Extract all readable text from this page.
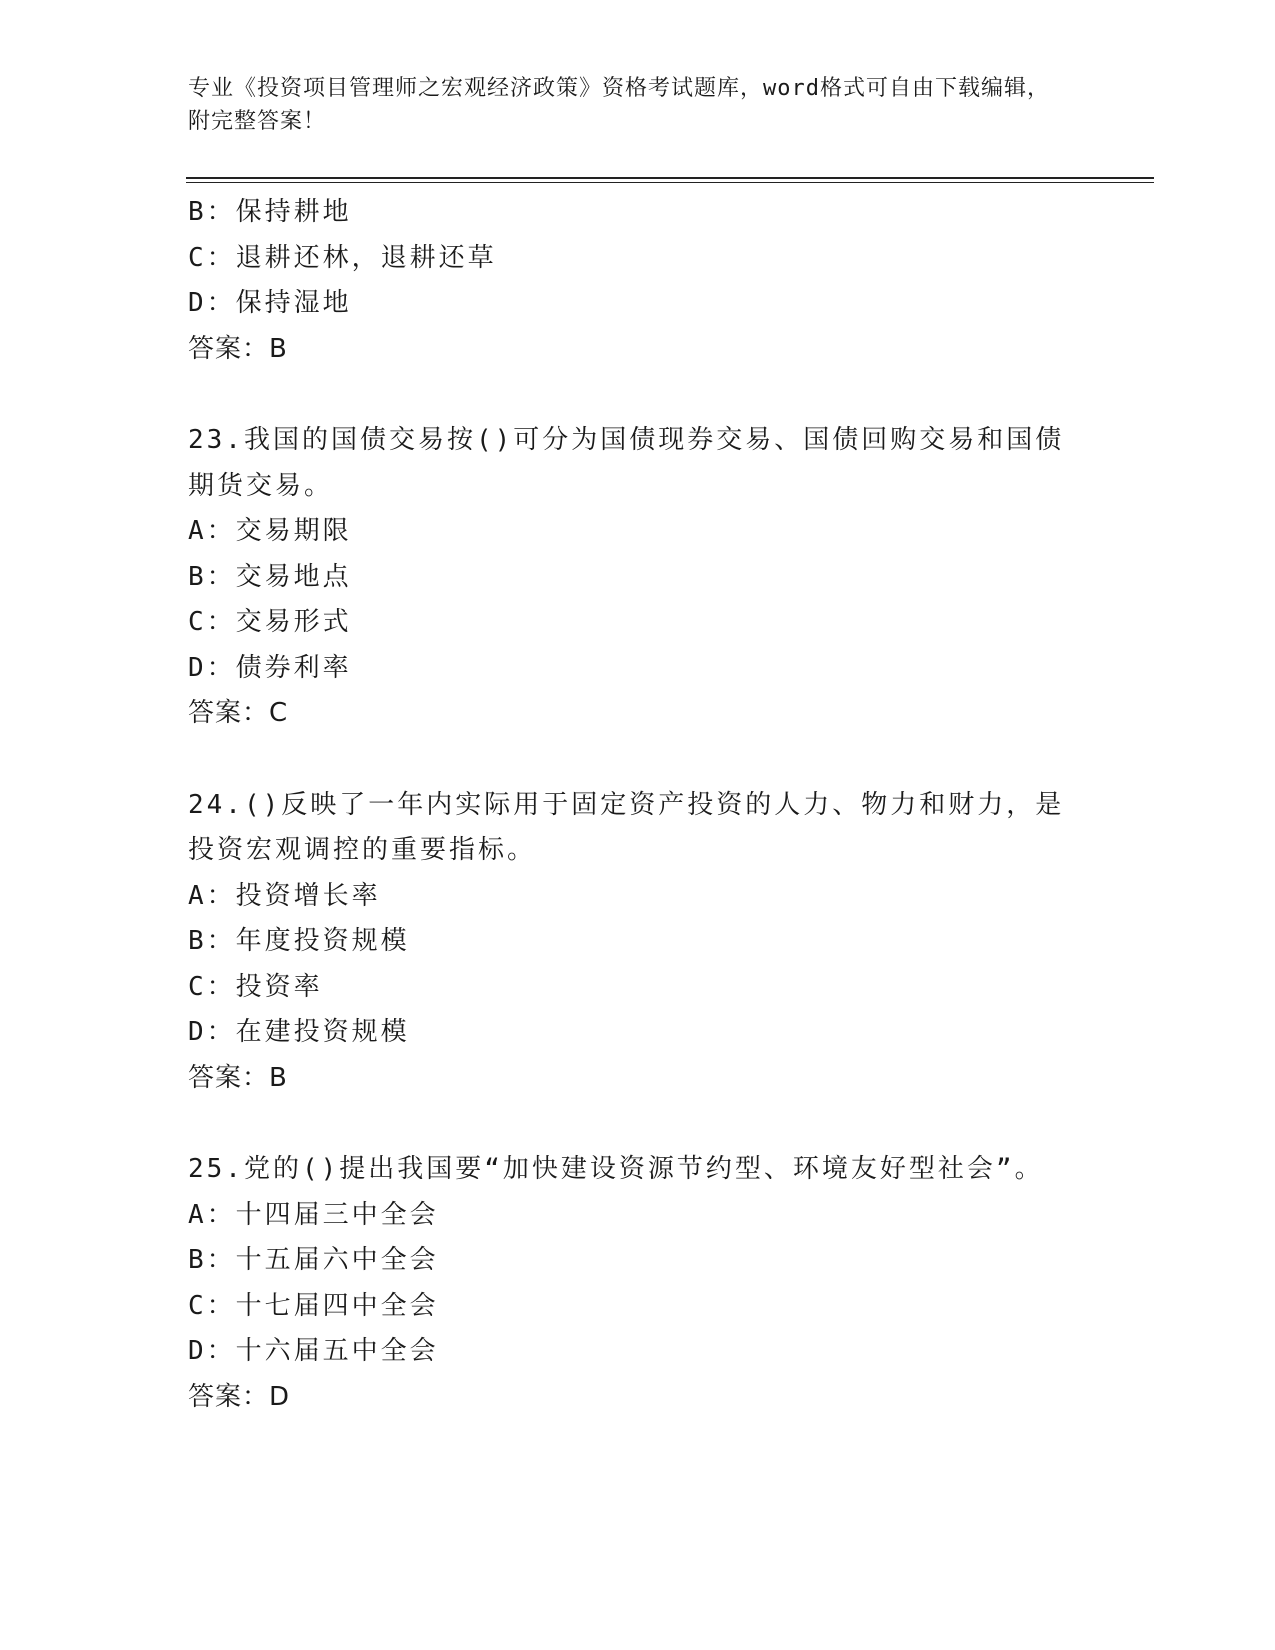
专业《投资项目管理师之宏观经济政策》资格考试题库，word格式可自由下载编辑，附完整答案！
B：保持耕地
C：退耕还林，退耕还草
D：保持湿地
答案：B
23.我国的国债交易按()可分为国债现券交易、国债回购交易和国债期货交易。
A：交易期限
B：交易地点
C：交易形式
D：债券利率
答案：C
24.()反映了一年内实际用于固定资产投资的人力、物力和财力，是投资宏观调控的重要指标。
A：投资增长率
B：年度投资规模
C：投资率
D：在建投资规模
答案：B
25.党的()提出我国要“加快建设资源节约型、环境友好型社会”。
A：十四届三中全会
B：十五届六中全会
C：十七届四中全会
D：十六届五中全会
答案：D
